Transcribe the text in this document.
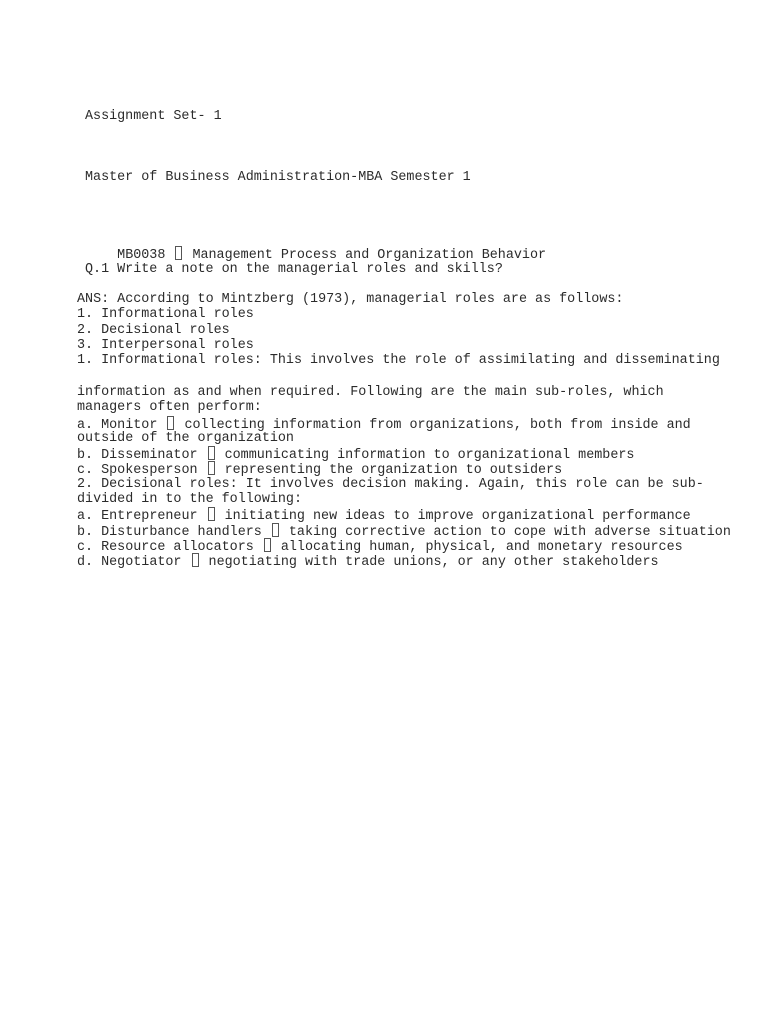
Assignment Set- 1
Master of Business Administration-MBA Semester 1

MB0038  Management Process and Organization Behavior

Q.1 Write a note on the managerial roles and skills?
ANS: According to Mintzberg (1973), managerial roles are as follows:
1. Informational roles
2. Decisional roles
3. Interpersonal roles
1. Informational roles: This involves the role of assimilating and disseminating
information as and when required. Following are the main sub-roles, which
managers often perform:
a. Monitor  collecting information from organizations, both from inside and
outside of the organization
b. Disseminator  communicating information to organizational members
c. Spokesperson  representing the organization to outsiders
2. Decisional roles: It involves decision making. Again, this role can be sub-
divided in to the following:
a. Entrepreneur  initiating new ideas to improve organizational performance
b. Disturbance handlers  taking corrective action to cope with adverse situation
c. Resource allocators  allocating human, physical, and monetary resources
d. Negotiator  negotiating with trade unions, or any other stakeholders
